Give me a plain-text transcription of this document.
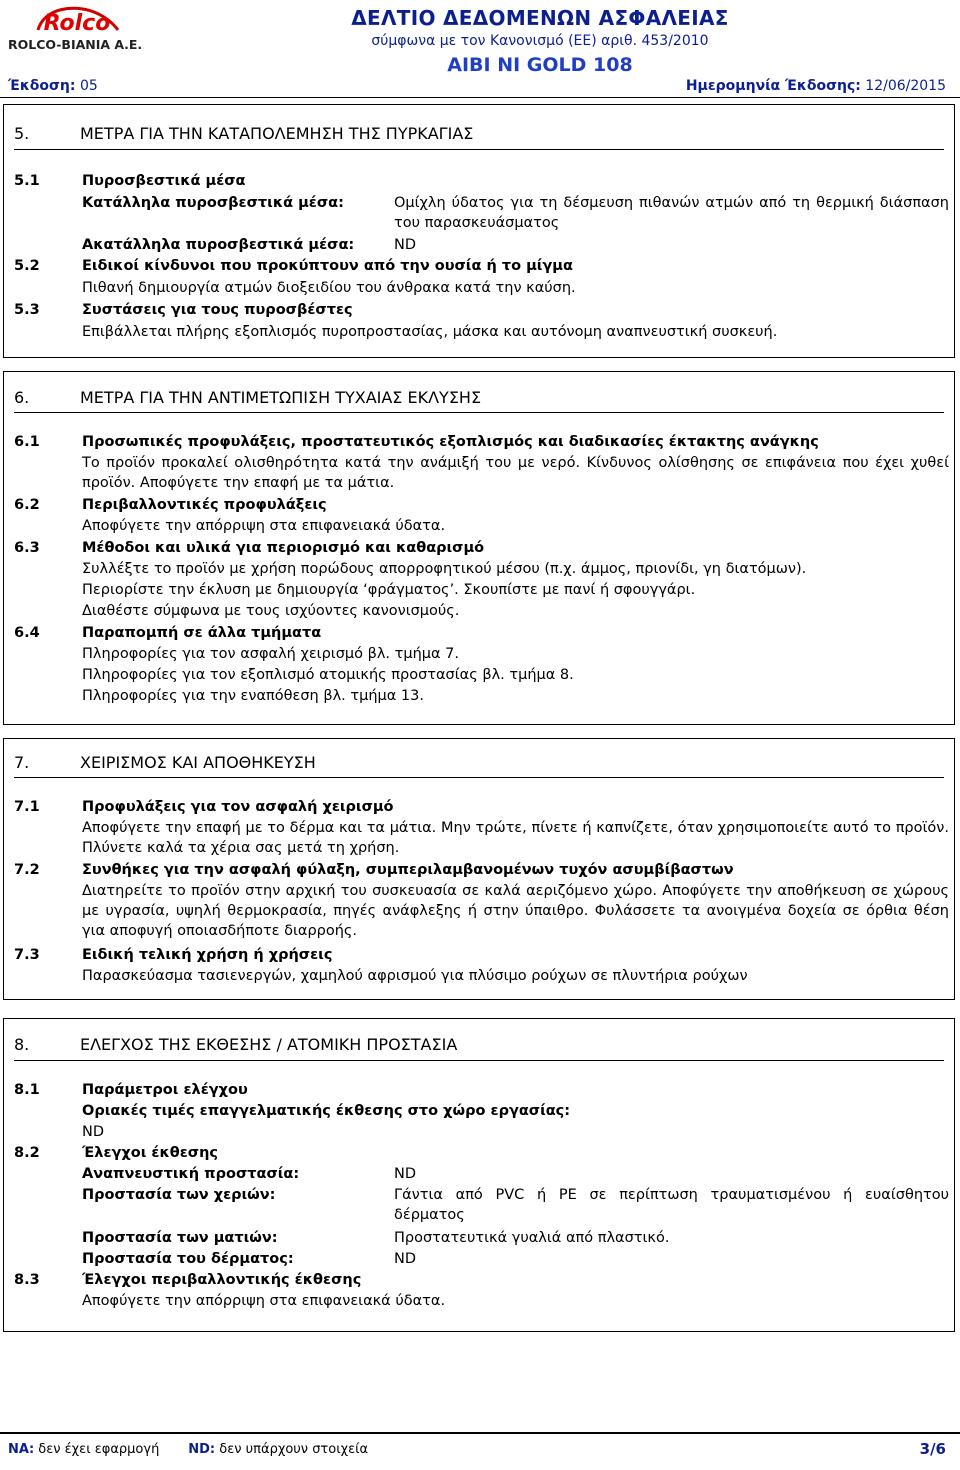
Rolco
ROLCO-ΒΙΑΝΙΑ Α.Ε.
ΔΕΛΤΙΟ ΔΕΔΟΜΕΝΩΝ ΑΣΦΑΛΕΙΑΣ
σύμφωνα με τον Κανονισμό (ΕΕ) αριθ. 453/2010
ΑΙΒΙ ΝΙ GOLD 108
Έκδοση: 05	Ημερομηνία Έκδοσης: 12/06/2015
5.	ΜΕΤΡΑ ΓΙΑ ΤΗΝ ΚΑΤΑΠΟΛΕΜΗΣΗ ΤΗΣ ΠΥΡΚΑΓΙΑΣ
5.1	Πυροσβεστικά μέσα
Κατάλληλα πυροσβεστικά μέσα:	Ομίχλη ύδατος για τη δέσμευση πιθανών ατμών από τη θερμική διάσπαση του παρασκευάσματος
Ακατάλληλα πυροσβεστικά μέσα:	ND
5.2	Ειδικοί κίνδυνοι που προκύπτουν από την ουσία ή το μίγμα
Πιθανή δημιουργία ατμών διοξειδίου του άνθρακα κατά την καύση.
5.3	Συστάσεις για τους πυροσβέστες
Επιβάλλεται πλήρης εξοπλισμός πυροπροστασίας, μάσκα και αυτόνομη αναπνευστική συσκευή.
6.	ΜΕΤΡΑ ΓΙΑ ΤΗΝ ΑΝΤΙΜΕΤΩΠΙΣΗ ΤΥΧΑΙΑΣ ΕΚΛΥΣΗΣ
6.1	Προσωπικές προφυλάξεις, προστατευτικός εξοπλισμός και διαδικασίες έκτακτης ανάγκης
Το προϊόν προκαλεί ολισθηρότητα κατά την ανάμιξή του με νερό. Κίνδυνος ολίσθησης σε επιφάνεια που έχει χυθεί προϊόν. Αποφύγετε την επαφή με τα μάτια.
6.2	Περιβαλλοντικές προφυλάξεις
Αποφύγετε την απόρριψη στα επιφανειακά ύδατα.
6.3	Μέθοδοι και υλικά για περιορισμό και καθαρισμό
Συλλέξτε το προϊόν με χρήση πορώδους απορροφητικού μέσου (π.χ. άμμος, πριονίδι, γη διατόμων).
Περιορίστε την έκλυση με δημιουργία ‘φράγματος’. Σκουπίστε με πανί ή σφουγγάρι.
Διαθέστε σύμφωνα με τους ισχύοντες κανονισμούς.
6.4	Παραπομπή σε άλλα τμήματα
Πληροφορίες για τον ασφαλή χειρισμό βλ. τμήμα 7.
Πληροφορίες για τον εξοπλισμό ατομικής προστασίας βλ. τμήμα 8.
Πληροφορίες για την εναπόθεση βλ. τμήμα 13.
7.	ΧΕΙΡΙΣΜΟΣ ΚΑΙ ΑΠΟΘΗΚΕΥΣΗ
7.1	Προφυλάξεις για τον ασφαλή χειρισμό
Αποφύγετε την επαφή με το δέρμα και τα μάτια. Μην τρώτε, πίνετε ή καπνίζετε, όταν χρησιμοποιείτε αυτό το προϊόν. Πλύνετε καλά τα χέρια σας μετά τη χρήση.
7.2	Συνθήκες για την ασφαλή φύλαξη, συμπεριλαμβανομένων τυχόν ασυμβίβαστων
Διατηρείτε το προϊόν στην αρχική του συσκευασία σε καλά αεριζόμενο χώρο. Αποφύγετε την αποθήκευση σε χώρους με υγρασία, υψηλή θερμοκρασία, πηγές ανάφλεξης ή στην ύπαιθρο. Φυλάσσετε τα ανοιγμένα δοχεία σε όρθια θέση για αποφυγή οποιασδήποτε διαρροής.
7.3	Ειδική τελική χρήση ή χρήσεις
Παρασκεύασμα τασιενεργών, χαμηλού αφρισμού για πλύσιμο ρούχων σε πλυντήρια ρούχων
8.	ΕΛΕΓΧΟΣ ΤΗΣ ΕΚΘΕΣΗΣ / ΑΤΟΜΙΚΗ ΠΡΟΣΤΑΣΙΑ
8.1	Παράμετροι ελέγχου
Οριακές τιμές επαγγελματικής έκθεσης στο χώρο εργασίας:
ND
8.2	Έλεγχοι έκθεσης
Αναπνευστική προστασία:	ND
Προστασία των χεριών:	Γάντια από PVC ή PE σε περίπτωση τραυματισμένου ή ευαίσθητου δέρματος
Προστασία των ματιών:	Προστατευτικά γυαλιά από πλαστικό.
Προστασία του δέρματος:	ND
8.3	Έλεγχοι περιβαλλοντικής έκθεσης
Αποφύγετε την απόρριψη στα επιφανειακά ύδατα.
ΝΑ: δεν έχει εφαρμογή ND: δεν υπάρχουν στοιχεία	3/6
